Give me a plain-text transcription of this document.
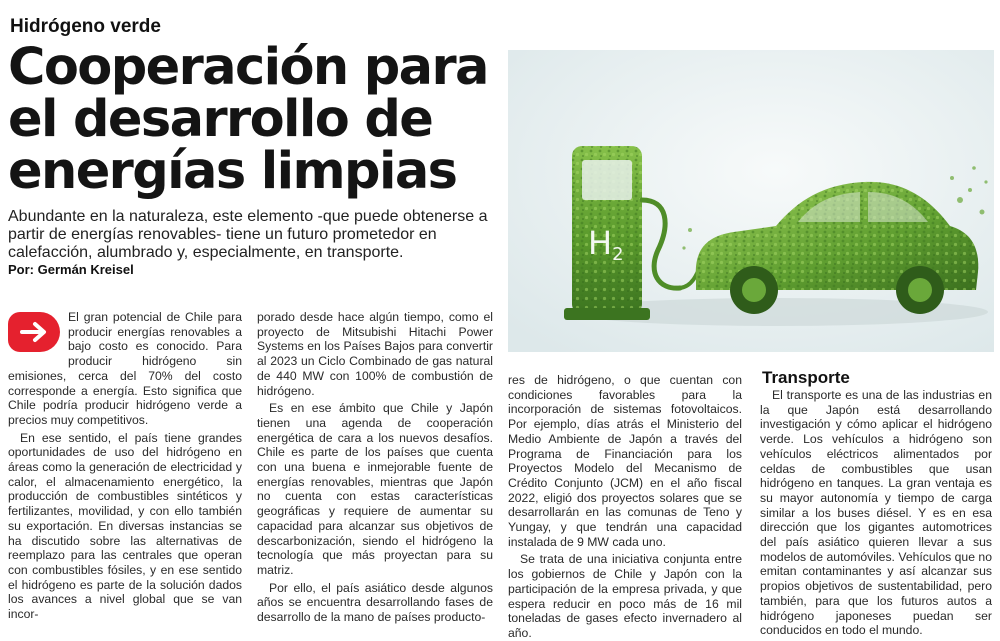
Hidrógeno verde
Cooperación para
el desarrollo de
energías limpias

Abundante en la naturaleza, este elemento -que puede obtenerse a partir de energías renovables- tiene un futuro prometedor en calefacción, alumbrado y, especialmente, en transporte.

Por: Germán Kreisel
H2

El gran potencial de Chile para producir energías renovables a bajo costo es conocido. Para producir hidrógeno sin emisiones, cerca del 70% del costo corresponde a energía. Esto significa que Chile podría producir hidrógeno verde a precios muy competitivos.

En ese sentido, el país tiene grandes oportunidades de uso del hidrógeno en áreas como la generación de electricidad y calor, el almacenamiento energético, la producción de combustibles sintéticos y fertilizantes, movilidad, y con ello también su exportación. En diversas instancias se ha discutido sobre las alternativas de reemplazo para las centrales que operan con combustibles fósiles, y en ese sentido el hidrógeno es parte de la solución dados los avances a nivel global que se van incor-

porado desde hace algún tiempo, como el proyecto de Mitsubishi Hitachi Power Systems en los Países Bajos para convertir al 2023 un Ciclo Combinado de gas natural de 440 MW con 100% de combustión de hidrógeno.

Es en ese ámbito que Chile y Japón tienen una agenda de cooperación energética de cara a los nuevos desafíos. Chile es parte de los países que cuenta con una buena e inmejorable fuente de energías renovables, mientras que Japón no cuenta con estas características geográficas y requiere de aumentar su capacidad para alcanzar sus objetivos de descarbonización, siendo el hidrógeno la tecnología que más proyectan para su matriz.

Por ello, el país asiático desde algunos años se encuentra desarrollando fases de desarrollo de la mano de países producto-

res de hidrógeno, o que cuentan con condiciones favorables para la incorporación de sistemas fotovoltaicos. Por ejemplo, días atrás el Ministerio del Medio Ambiente de Japón a través del Programa de Financiación para los Proyectos Modelo del Mecanismo de Crédito Conjunto (JCM) en el año fiscal 2022, eligió dos proyectos solares que se desarrollarán en las comunas de Teno y Yungay, y que tendrán una capacidad instalada de 9 MW cada uno.

Se trata de una iniciativa conjunta entre los gobiernos de Chile y Japón con la participación de la empresa privada, y que espera reducir en poco más de 16 mil toneladas de gases efecto invernadero al año.

Transporte

El transporte es una de las industrias en la que Japón está desarrollando investigación y cómo aplicar el hidrógeno verde. Los vehículos a hidrógeno son vehículos eléctricos alimentados por celdas de combustibles que usan hidrógeno en tanques. La gran ventaja es su mayor autonomía y tiempo de carga similar a los buses diésel. Y es en esa dirección que los gigantes automotrices del país asiático quieren llevar a sus modelos de automóviles. Vehículos que no emitan contaminantes y así alcanzar sus propios objetivos de sustentabilidad, pero también, para que los futuros autos a hidrógeno japoneses puedan ser conducidos en todo el mundo.
